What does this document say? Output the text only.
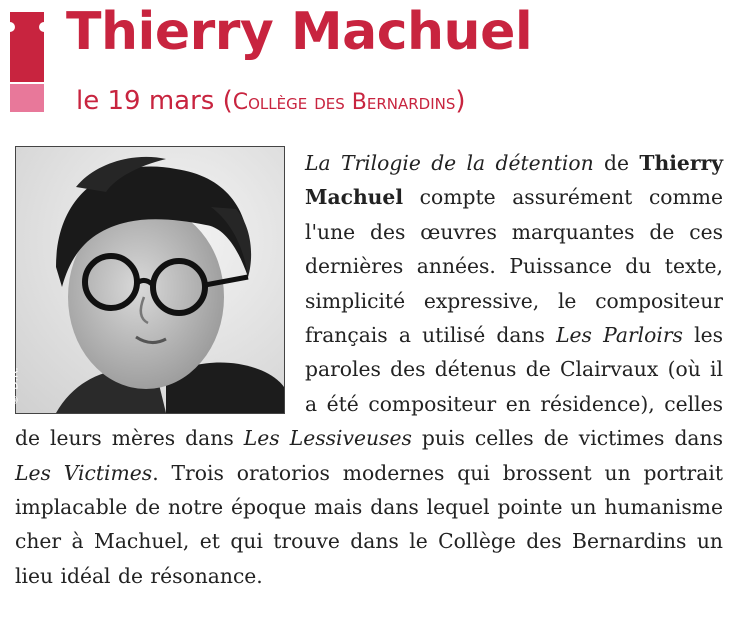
Thierry Machuel

le 19 mars (Collège des Bernardins)

© D.R.
La Trilogie de la détention de Thierry Machuel compte assurément comme l'une des œuvres marquantes de ces dernières années. Puissance du texte, simplicité expressive, le compositeur français a utilisé dans Les Parloirs les paroles des détenus de Clairvaux (où il a été compositeur en résidence), celles de leurs mères dans Les Lessiveuses puis celles de victimes dans Les Victimes. Trois oratorios modernes qui brossent un portrait implacable de notre époque mais dans lequel pointe un humanisme cher à Machuel, et qui trouve dans le Collège des Bernardins un lieu idéal de résonance.
